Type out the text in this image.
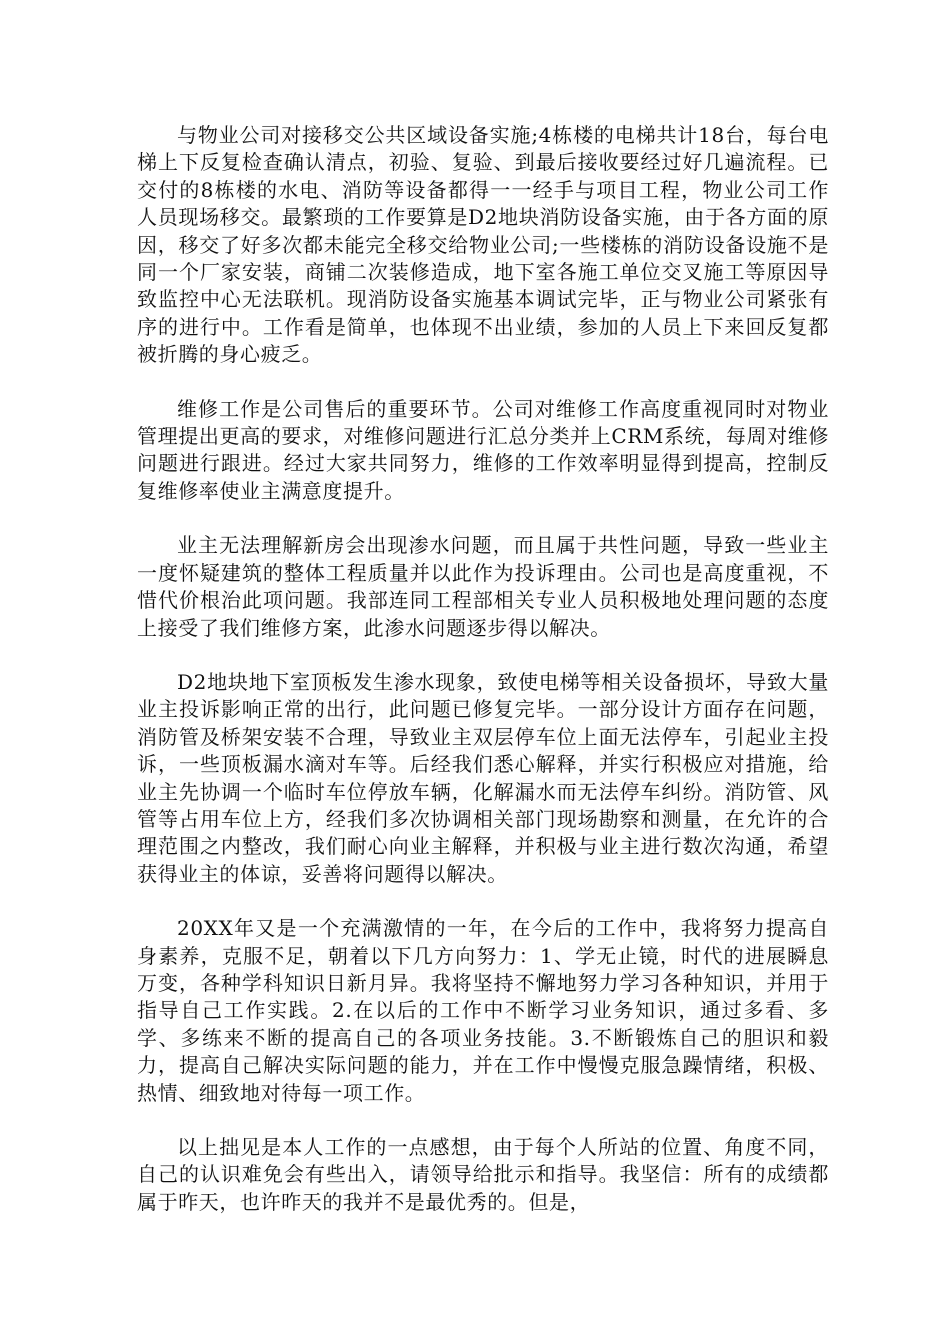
与物业公司对接移交公共区域设备实施;4栋楼的电梯共计18台，每台电梯上下反复检查确认清点，初验、复验、到最后接收要经过好几遍流程。已交付的8栋楼的水电、消防等设备都得一一经手与项目工程，物业公司工作人员现场移交。最繁琐的工作要算是D2地块消防设备实施，由于各方面的原因，移交了好多次都未能完全移交给物业公司;一些楼栋的消防设备设施不是同一个厂家安装，商铺二次装修造成，地下室各施工单位交叉施工等原因导致监控中心无法联机。现消防设备实施基本调试完毕，正与物业公司紧张有序的进行中。工作看是简单，也体现不出业绩，参加的人员上下来回反复都被折腾的身心疲乏。

维修工作是公司售后的重要环节。公司对维修工作高度重视同时对物业管理提出更高的要求，对维修问题进行汇总分类并上CRM系统，每周对维修问题进行跟进。经过大家共同努力，维修的工作效率明显得到提高，控制反复维修率使业主满意度提升。

业主无法理解新房会出现渗水问题，而且属于共性问题，导致一些业主一度怀疑建筑的整体工程质量并以此作为投诉理由。公司也是高度重视，不惜代价根治此项问题。我部连同工程部相关专业人员积极地处理问题的态度上接受了我们维修方案，此渗水问题逐步得以解决。

D2地块地下室顶板发生渗水现象，致使电梯等相关设备损坏，导致大量业主投诉影响正常的出行，此问题已修复完毕。一部分设计方面存在问题，消防管及桥架安装不合理，导致业主双层停车位上面无法停车，引起业主投诉，一些顶板漏水滴对车等。后经我们悉心解释，并实行积极应对措施，给业主先协调一个临时车位停放车辆，化解漏水而无法停车纠纷。消防管、风管等占用车位上方，经我们多次协调相关部门现场勘察和测量，在允许的合理范围之内整改，我们耐心向业主解释，并积极与业主进行数次沟通，希望获得业主的体谅，妥善将问题得以解决。

20XX年又是一个充满激情的一年，在今后的工作中，我将努力提高自身素养，克服不足，朝着以下几方向努力：1、学无止镜，时代的进展瞬息万变，各种学科知识日新月异。我将坚持不懈地努力学习各种知识，并用于指导自己工作实践。2.在以后的工作中不断学习业务知识，通过多看、多学、多练来不断的提高自己的各项业务技能。3.不断锻炼自己的胆识和毅力，提高自己解决实际问题的能力，并在工作中慢慢克服急躁情绪，积极、热情、细致地对待每一项工作。

以上拙见是本人工作的一点感想，由于每个人所站的位置、角度不同，自己的认识难免会有些出入，请领导给批示和指导。我坚信：所有的成绩都属于昨天，也许昨天的我并不是最优秀的。但是，
